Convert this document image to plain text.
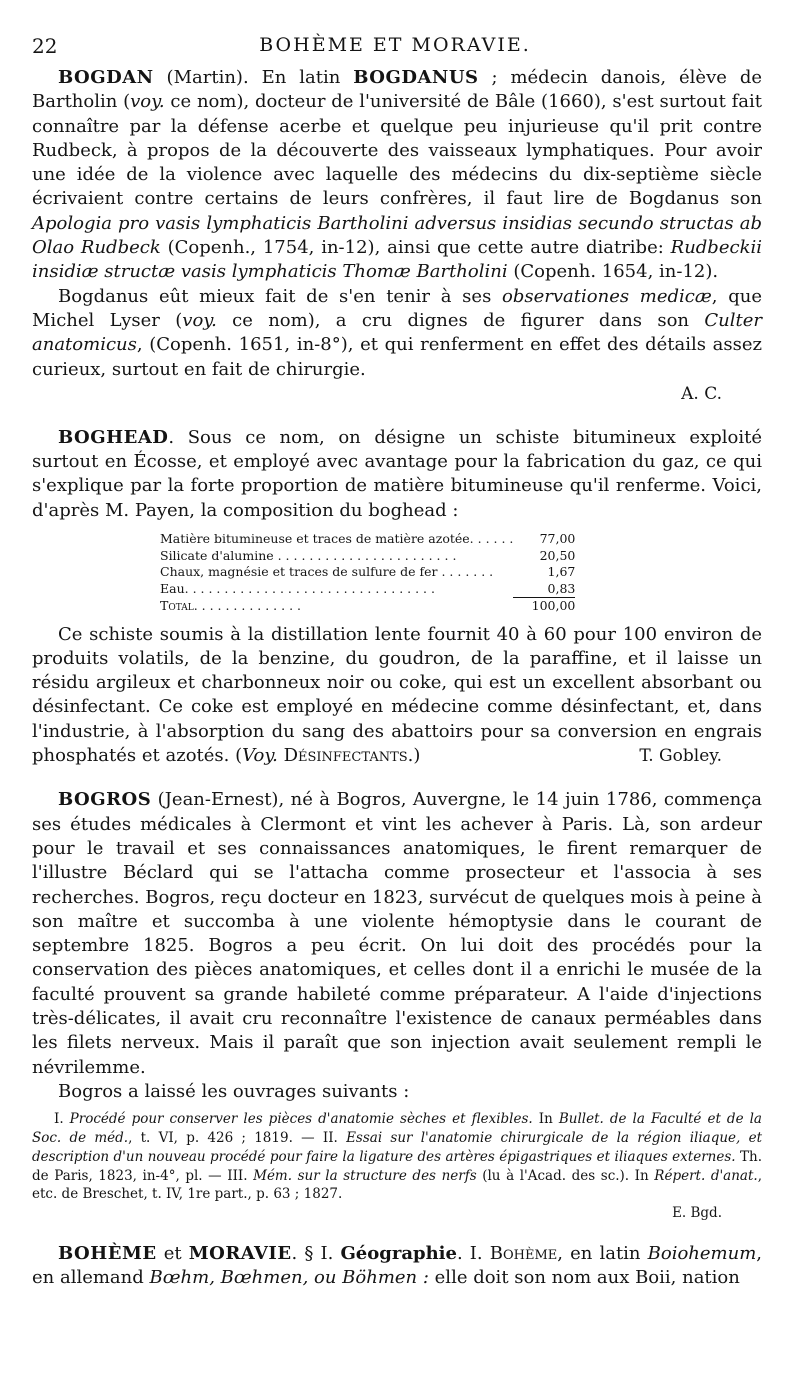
22	BOHÈME ET MORAVIE.

BOGDAN (Martin). En latin BOGDANUS ; médecin danois, élève de Bartholin (voy. ce nom), docteur de l'université de Bâle (1660), s'est surtout fait connaître par la défense acerbe et quelque peu injurieuse qu'il prit contre Rudbeck, à propos de la découverte des vaisseaux lymphatiques. Pour avoir une idée de la violence avec laquelle des médecins du dix-septième siècle écrivaient contre certains de leurs confrères, il faut lire de Bogdanus son Apologia pro vasis lymphaticis Bartholini adversus insidias secundo structas ab Olao Rudbeck (Copenh., 1754, in-12), ainsi que cette autre diatribe: Rudbeckii insidiæ structæ vasis lymphaticis Thomæ Bartholini (Copenh. 1654, in-12).

Bogdanus eût mieux fait de s'en tenir à ses observationes medicæ, que Michel Lyser (voy. ce nom), a cru dignes de figurer dans son Culter anatomicus, (Copenh. 1651, in-8°), et qui renferment en effet des détails assez curieux, surtout en fait de chirurgie.

A. C.

BOGHEAD. Sous ce nom, on désigne un schiste bitumineux exploité surtout en Écosse, et employé avec avantage pour la fabrication du gaz, ce qui s'explique par la forte proportion de matière bitumineuse qu'il renferme. Voici, d'après M. Payen, la composition du boghead :

Matière bitumineuse et traces de matière azotée. . . . . .	77,00
Silicate d'alumine . . . . . . . . . . . . . . . . . . . . . . .	20,50
Chaux, magnésie et traces de sulfure de fer . . . . . . .	1,67
Eau. . . . . . . . . . . . . . . . . . . . . . . . . . . . . . . .	0,83
Total. . . . . . . . . . . . . .	100,00

Ce schiste soumis à la distillation lente fournit 40 à 60 pour 100 environ de produits volatils, de la benzine, du goudron, de la paraffine, et il laisse un résidu argileux et charbonneux noir ou coke, qui est un excellent absorbant ou désinfectant. Ce coke est employé en médecine comme désinfectant, et, dans l'industrie, à l'absorption du sang des abattoirs pour sa conversion en engrais phosphatés et azotés. (Voy. Désinfectants.)	T. Gobley.

BOGROS (Jean-Ernest), né à Bogros, Auvergne, le 14 juin 1786, commença ses études médicales à Clermont et vint les achever à Paris. Là, son ardeur pour le travail et ses connaissances anatomiques, le firent remarquer de l'illustre Béclard qui se l'attacha comme prosecteur et l'associa à ses recherches. Bogros, reçu docteur en 1823, survécut de quelques mois à peine à son maître et succomba à une violente hémoptysie dans le courant de septembre 1825. Bogros a peu écrit. On lui doit des procédés pour la conservation des pièces anatomiques, et celles dont il a enrichi le musée de la faculté prouvent sa grande habileté comme préparateur. A l'aide d'injections très-délicates, il avait cru reconnaître l'existence de canaux perméables dans les filets nerveux. Mais il paraît que son injection avait seulement rempli le névrilemme.

Bogros a laissé les ouvrages suivants :

I. Procédé pour conserver les pièces d'anatomie sèches et flexibles. In Bullet. de la Faculté et de la Soc. de méd., t. VI, p. 426 ; 1819. — II. Essai sur l'anatomie chirurgicale de la région iliaque, et description d'un nouveau procédé pour faire la ligature des artères épigastriques et iliaques externes. Th. de Paris, 1823, in-4°, pl. — III. Mém. sur la structure des nerfs (lu à l'Acad. des sc.). In Répert. d'anat., etc. de Breschet, t. IV, 1re part., p. 63 ; 1827.

E. Bgd.

BOHÈME et MORAVIE. § I. Géographie. I. Bohème, en latin Boiohemum, en allemand Bœhm, Bœhmen, ou Böhmen : elle doit son nom aux Boii, nation
